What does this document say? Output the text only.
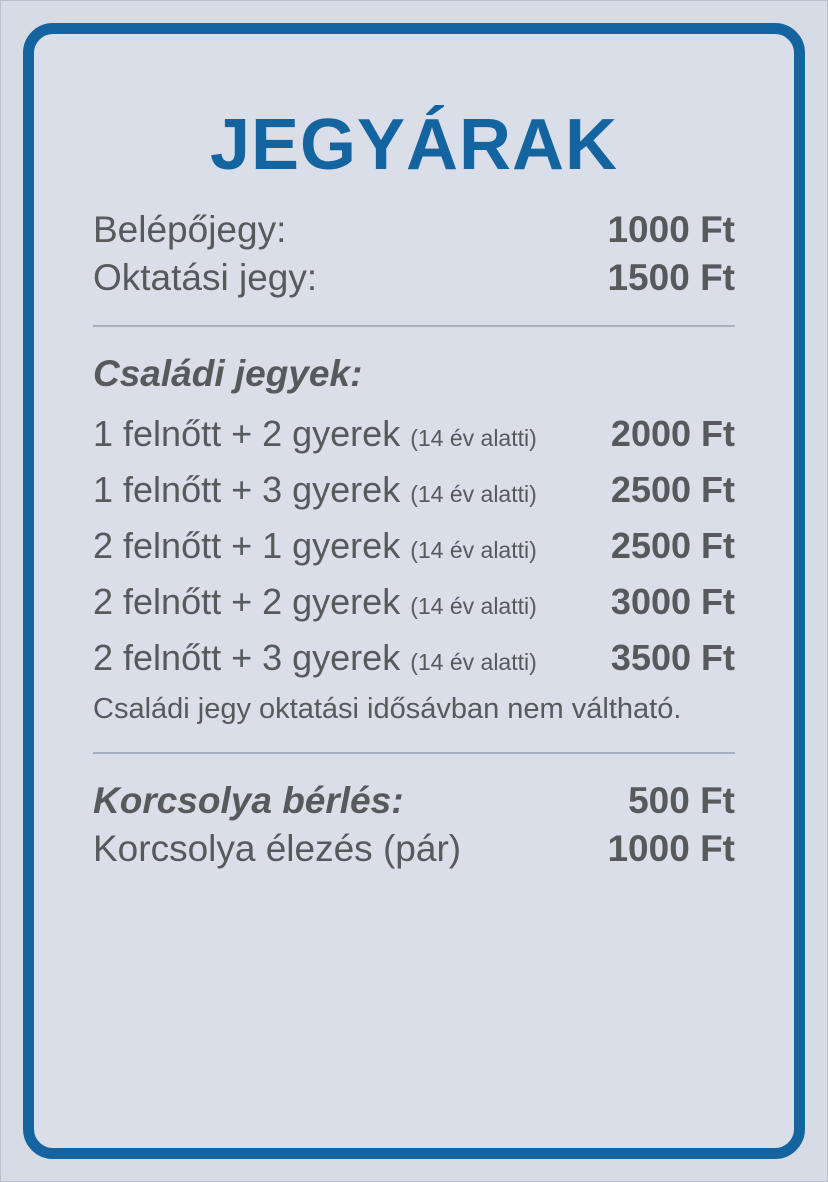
JEGYÁRAK
Belépőjegy:	1000 Ft
Oktatási jegy:	1500 Ft
Családi jegyek:
1 felnőtt + 2 gyerek (14 év alatti) 2000 Ft
1 felnőtt + 3 gyerek (14 év alatti) 2500 Ft
2 felnőtt + 1 gyerek (14 év alatti) 2500 Ft
2 felnőtt + 2 gyerek (14 év alatti) 3000 Ft
2 felnőtt + 3 gyerek (14 év alatti) 3500 Ft
Családi jegy oktatási idősávban nem váltható.
Korcsolya bérlés:	500 Ft
Korcsolya élezés (pár)	1000 Ft
